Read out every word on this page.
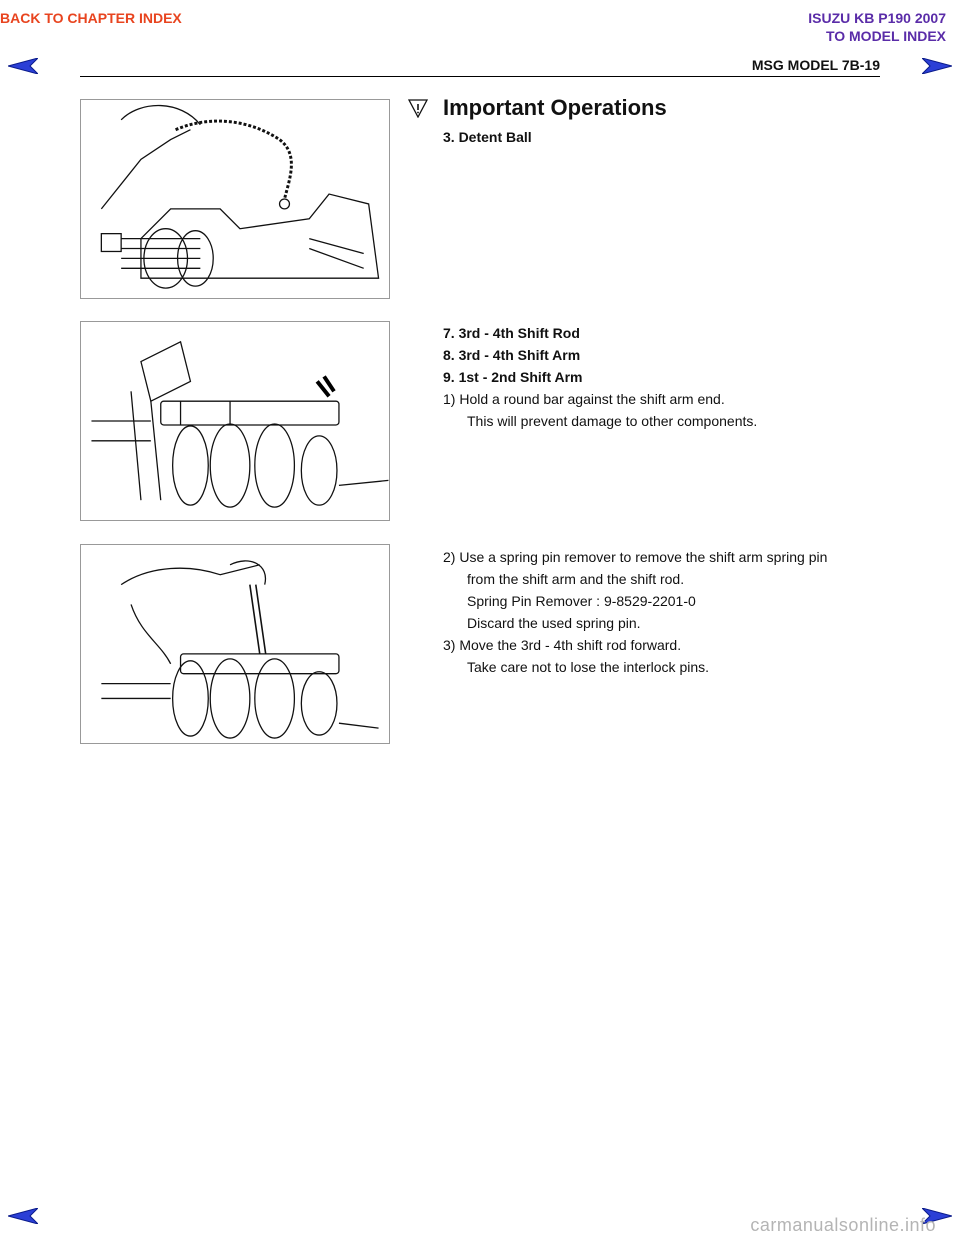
BACK TO CHAPTER INDEX	ISUZU KB P190 2007
TO MODEL INDEX
MSG MODEL 7B-19
Important Operations
3. Detent Ball
7. 3rd - 4th Shift Rod
8. 3rd - 4th Shift Arm
9. 1st - 2nd Shift Arm
1) Hold a round bar against the shift arm end.
This will prevent damage to other components.
2) Use a spring pin remover to remove the shift arm spring pin
from the shift arm and the shift rod.
Spring Pin Remover : 9-8529-2201-0
Discard the used spring pin.
3) Move the 3rd - 4th shift rod forward.
Take care not to lose the interlock pins.
carmanualsonline.info
